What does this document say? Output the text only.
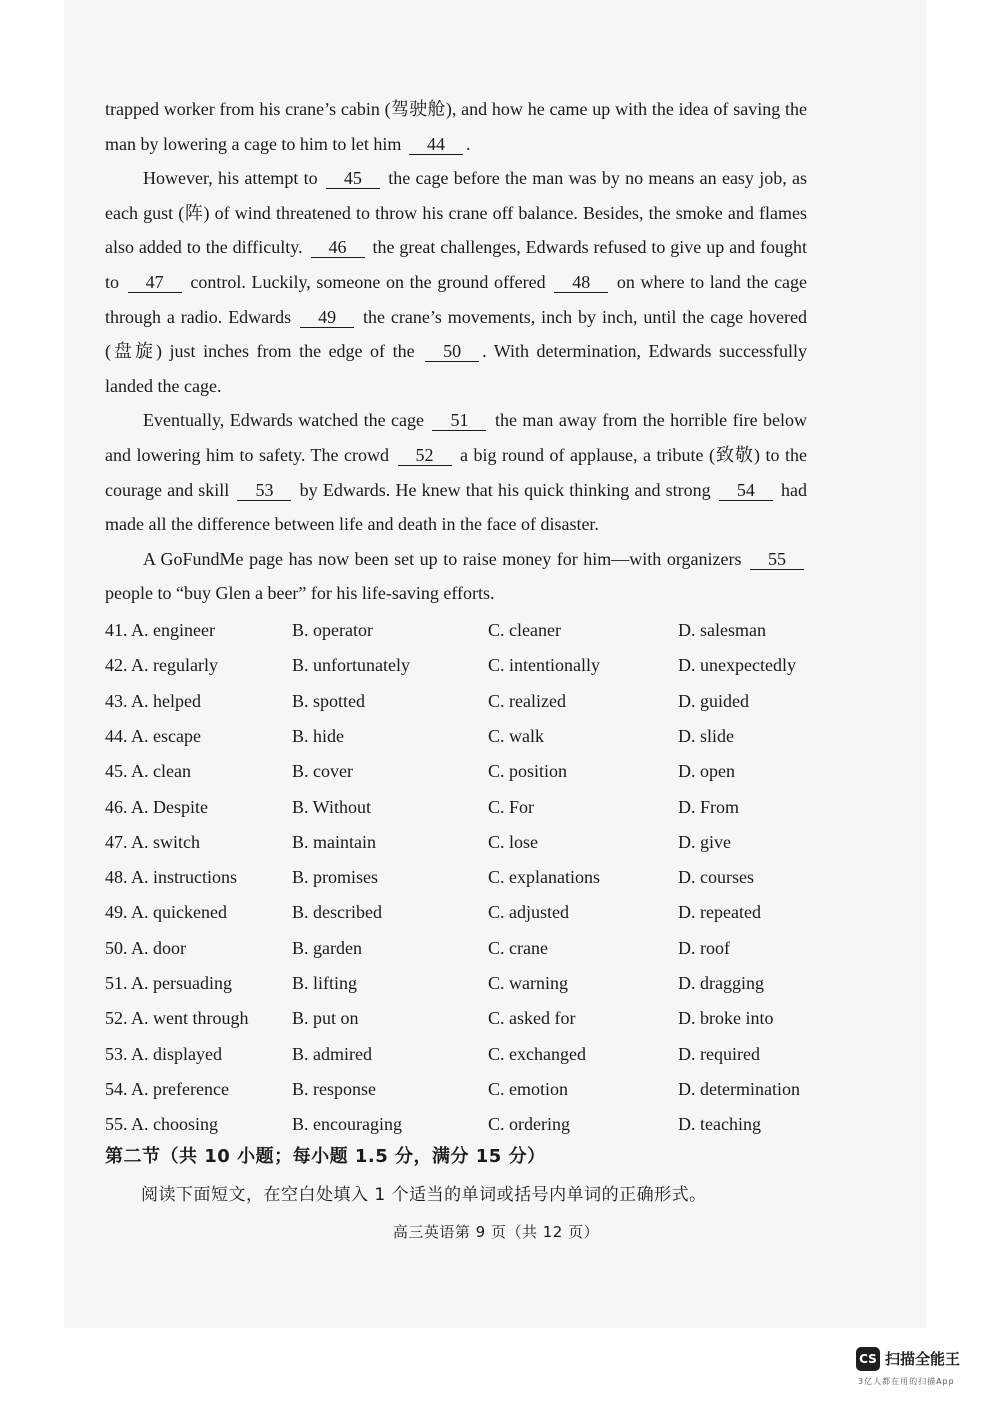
trapped worker from his crane’s cabin (驾驶舱), and how he came up with the idea of saving the man by lowering a cage to him to let him 44 .

However, his attempt to 45 the cage before the man was by no means an easy job, as each gust (阵) of wind threatened to throw his crane off balance. Besides, the smoke and flames also added to the difficulty. 46 the great challenges, Edwards refused to give up and fought to 47 control. Luckily, someone on the ground offered 48 on where to land the cage through a radio. Edwards 49 the crane’s movements, inch by inch, until the cage hovered (盘旋) just inches from the edge of the 50 . With determination, Edwards successfully landed the cage.

Eventually, Edwards watched the cage 51 the man away from the horrible fire below and lowering him to safety. The crowd 52 a big round of applause, a tribute (致敬) to the courage and skill 53 by Edwards. He knew that his quick thinking and strong 54 had made all the difference between life and death in the face of disaster.

A GoFundMe page has now been set up to raise money for him—with organizers 55 people to “buy Glen a beer” for his life-saving efforts.

41. A. engineer	B. operator	C. cleaner	D. salesman
42. A. regularly	B. unfortunately	C. intentionally	D. unexpectedly
43. A. helped	B. spotted	C. realized	D. guided
44. A. escape	B. hide	C. walk	D. slide
45. A. clean	B. cover	C. position	D. open
46. A. Despite	B. Without	C. For	D. From
47. A. switch	B. maintain	C. lose	D. give
48. A. instructions	B. promises	C. explanations	D. courses
49. A. quickened	B. described	C. adjusted	D. repeated
50. A. door	B. garden	C. crane	D. roof
51. A. persuading	B. lifting	C. warning	D. dragging
52. A. went through	B. put on	C. asked for	D. broke into
53. A. displayed	B. admired	C. exchanged	D. required
54. A. preference	B. response	C. emotion	D. determination
55. A. choosing	B. encouraging	C. ordering	D. teaching
第二节（共 10 小题；每小题 1.5 分，满分 15 分）
阅读下面短文，在空白处填入 1 个适当的单词或括号内单词的正确形式。
高三英语第 9 页（共 12 页）
CS 扫描全能王
3亿人都在用的扫描App
